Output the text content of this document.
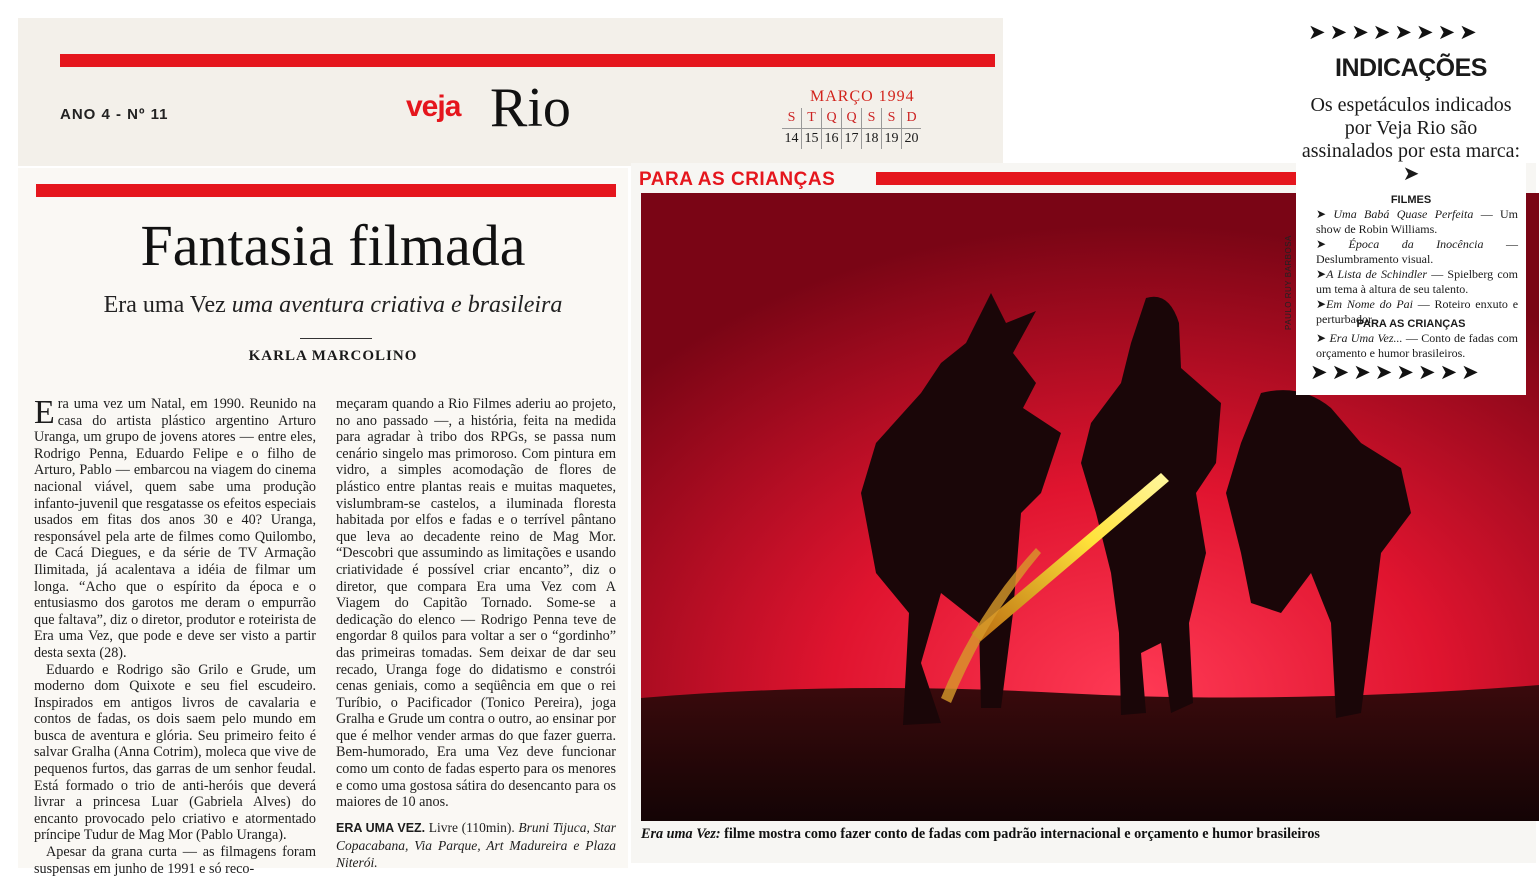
ANO 4 - Nº 11	veja Rio	MARÇO 1994
S	T	Q	Q	S	S	D
14	15	16	17	18	19	20
Fantasia filmada
Era uma Vez uma aventura criativa e brasileira
KARLA MARCOLINO

Era uma vez um Natal, em 1990. Reunido na casa do artista plástico argentino Arturo Uranga, um grupo de jovens atores — entre eles, Rodrigo Penna, Eduardo Felipe e o filho de Arturo, Pablo — embarcou na viagem do cinema nacional viável, quem sabe uma produção infanto-juvenil que resgatasse os efeitos especiais usados em fitas dos anos 30 e 40? Uranga, responsável pela arte de filmes como Quilombo, de Cacá Diegues, e da série de TV Armação Ilimitada, já acalentava a idéia de filmar um longa. “Acho que o espírito da época e o entusiasmo dos garotos me deram o empurrão que faltava”, diz o diretor, produtor e roteirista de Era uma Vez, que pode e deve ser visto a partir desta sexta (28).

Eduardo e Rodrigo são Grilo e Grude, um moderno dom Quixote e seu fiel escudeiro. Inspirados em antigos livros de cavalaria e contos de fadas, os dois saem pelo mundo em busca de aventura e glória. Seu primeiro feito é salvar Gralha (Anna Cotrim), moleca que vive de pequenos furtos, das garras de um senhor feudal. Está formado o trio de anti-heróis que deverá livrar a princesa Luar (Gabriela Alves) do encanto provocado pelo criativo e atormentado príncipe Tudur de Mag Mor (Pablo Uranga).

Apesar da grana curta — as filmagens foram suspensas em junho de 1991 e só reco-

meçaram quando a Rio Filmes aderiu ao projeto, no ano passado —, a história, feita na medida para agradar à tribo dos RPGs, se passa num cenário singelo mas primoroso. Com pintura em vidro, a simples acomodação de flores de plástico entre plantas reais e muitas maquetes, vislumbram-se castelos, a iluminada floresta habitada por elfos e fadas e o terrível pântano que leva ao decadente reino de Mag Mor. “Descobri que assumindo as limitações e usando criatividade é possível criar encanto”, diz o diretor, que compara Era uma Vez com A Viagem do Capitão Tornado. Some-se a dedicação do elenco — Rodrigo Penna teve de engordar 8 quilos para voltar a ser o “gordinho” das primeiras tomadas. Sem deixar de dar seu recado, Uranga foge do didatismo e constrói cenas geniais, como a seqüência em que o rei Turíbio, o Pacificador (Tonico Pereira), joga Gralha e Grude um contra o outro, ao ensinar por que é melhor vender armas do que fazer guerra. Bem-humorado, Era uma Vez deve funcionar como um conto de fadas esperto para os menores e como uma gostosa sátira do desencanto para os maiores de 10 anos.

ERA UMA VEZ. Livre (110min). Bruni Tijuca, Star Copacabana, Via Parque, Art Madureira e Plaza Niterói.
PARA AS CRIANÇAS
PAULO RUY BARBOSA
Era uma Vez: filme mostra como fazer conto de fadas com padrão internacional e orçamento e humor brasileiros
➤➤➤➤➤➤➤➤
INDICAÇÕES
Os espetáculos indicados por Veja Rio são assinalados por esta marca: ➤
FILMES
➤ Uma Babá Quase Perfeita — Um show de Robin Williams.
➤ Época da Inocência — Deslumbramento visual.
➤A Lista de Schindler — Spielberg com um tema à altura de seu talento.
➤Em Nome do Pai — Roteiro enxuto e perturbador.
PARA AS CRIANÇAS
➤ Era Uma Vez... — Conto de fadas com orçamento e humor brasileiros.
➤➤➤➤➤➤➤➤
